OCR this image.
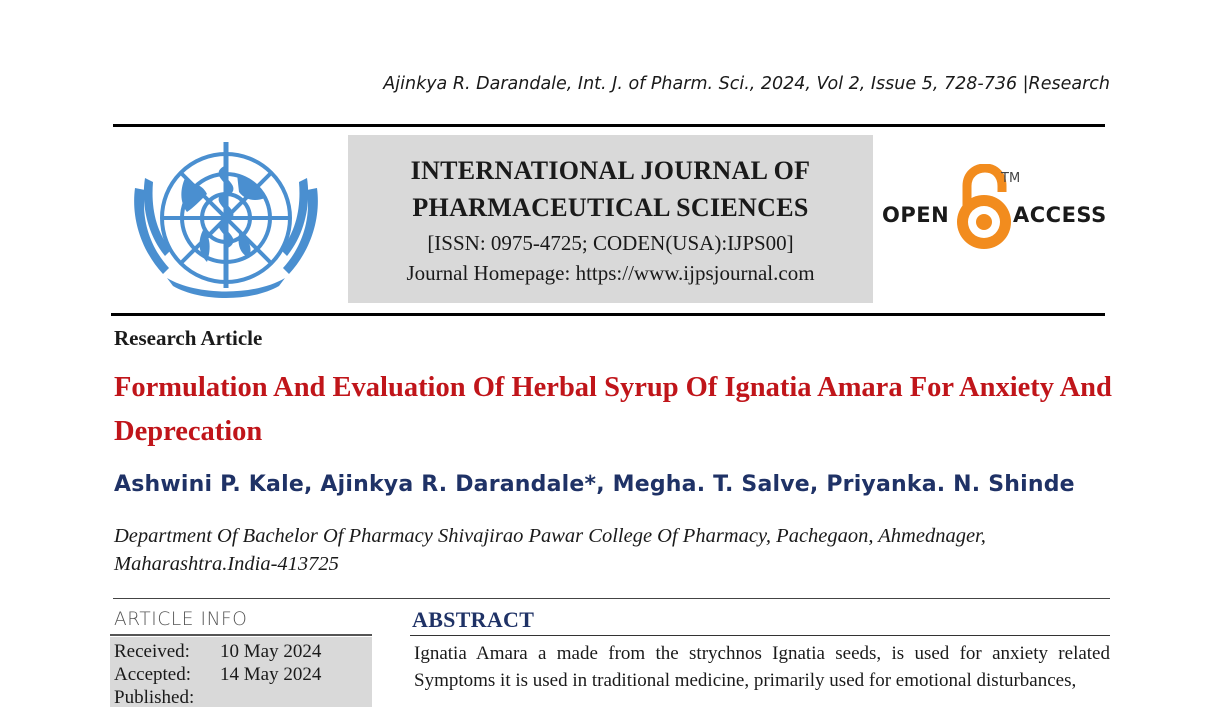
Ajinkya R. Darandale, Int. J. of Pharm. Sci., 2024, Vol 2, Issue 5, 728-736 |Research
INTERNATIONAL JOURNAL OF
PHARMACEUTICAL SCIENCES
[ISSN: 0975-4725; CODEN(USA):IJPS00]
Journal Homepage: https://www.ijpsjournal.com
OPEN
TM
ACCESS
Research Article
Formulation And Evaluation Of Herbal Syrup Of Ignatia Amara For Anxiety And Deprecation
Ashwini P. Kale, Ajinkya R. Darandale*, Megha. T. Salve, Priyanka. N. Shinde
Department Of Bachelor Of Pharmacy Shivajirao Pawar College Of Pharmacy, Pachegaon, Ahmednager, Maharashtra.India-413725
ARTICLE INFO
Received: 10 May 2024
Accepted: 14 May 2024
Published:
ABSTRACT
Ignatia Amara a made from the strychnos Ignatia seeds, is used for anxiety related Symptoms it is used in traditional medicine, primarily used for emotional disturbances,
